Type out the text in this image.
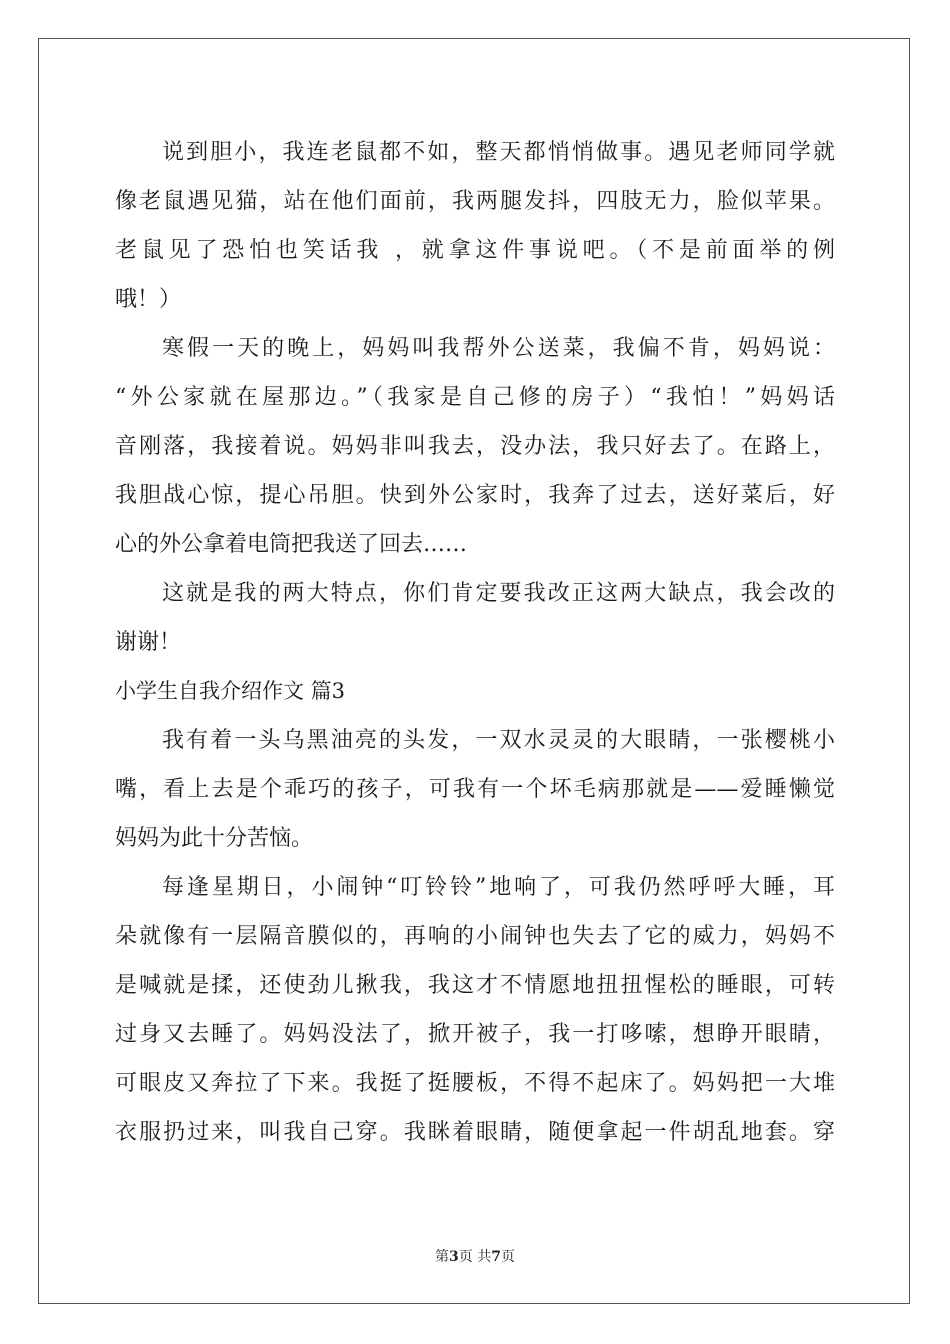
说到胆小，我连老鼠都不如，整天都悄悄做事。遇见老师同学就
像老鼠遇见猫，站在他们面前，我两腿发抖，四肢无力，脸似苹果。
老鼠见了恐怕也笑话我 ，就拿这件事说吧。（不是前面举的例
哦！）
寒假一天的晚上，妈妈叫我帮外公送菜，我偏不肯，妈妈说：
“外公家就在屋那边。”（我家是自己修的房子）“我怕！”妈妈话
音刚落，我接着说。妈妈非叫我去，没办法，我只好去了。在路上，
我胆战心惊，提心吊胆。快到外公家时，我奔了过去，送好菜后，好
心的外公拿着电筒把我送了回去……
这就是我的两大特点，你们肯定要我改正这两大缺点，我会改的
谢谢！
小学生自我介绍作文 篇3
我有着一头乌黑油亮的头发，一双水灵灵的大眼睛，一张樱桃小
嘴，看上去是个乖巧的孩子，可我有一个坏毛病那就是——爱睡懒觉
妈妈为此十分苦恼。
每逢星期日，小闹钟“叮铃铃”地响了，可我仍然呼呼大睡，耳
朵就像有一层隔音膜似的，再响的小闹钟也失去了它的威力，妈妈不
是喊就是揉，还使劲儿揪我，我这才不情愿地扭扭惺松的睡眼，可转
过身又去睡了。妈妈没法了，掀开被子，我一打哆嗦，想睁开眼睛，
可眼皮又奔拉了下来。我挺了挺腰板，不得不起床了。妈妈把一大堆
衣服扔过来，叫我自己穿。我眯着眼睛，随便拿起一件胡乱地套。穿
第3页 共7页
